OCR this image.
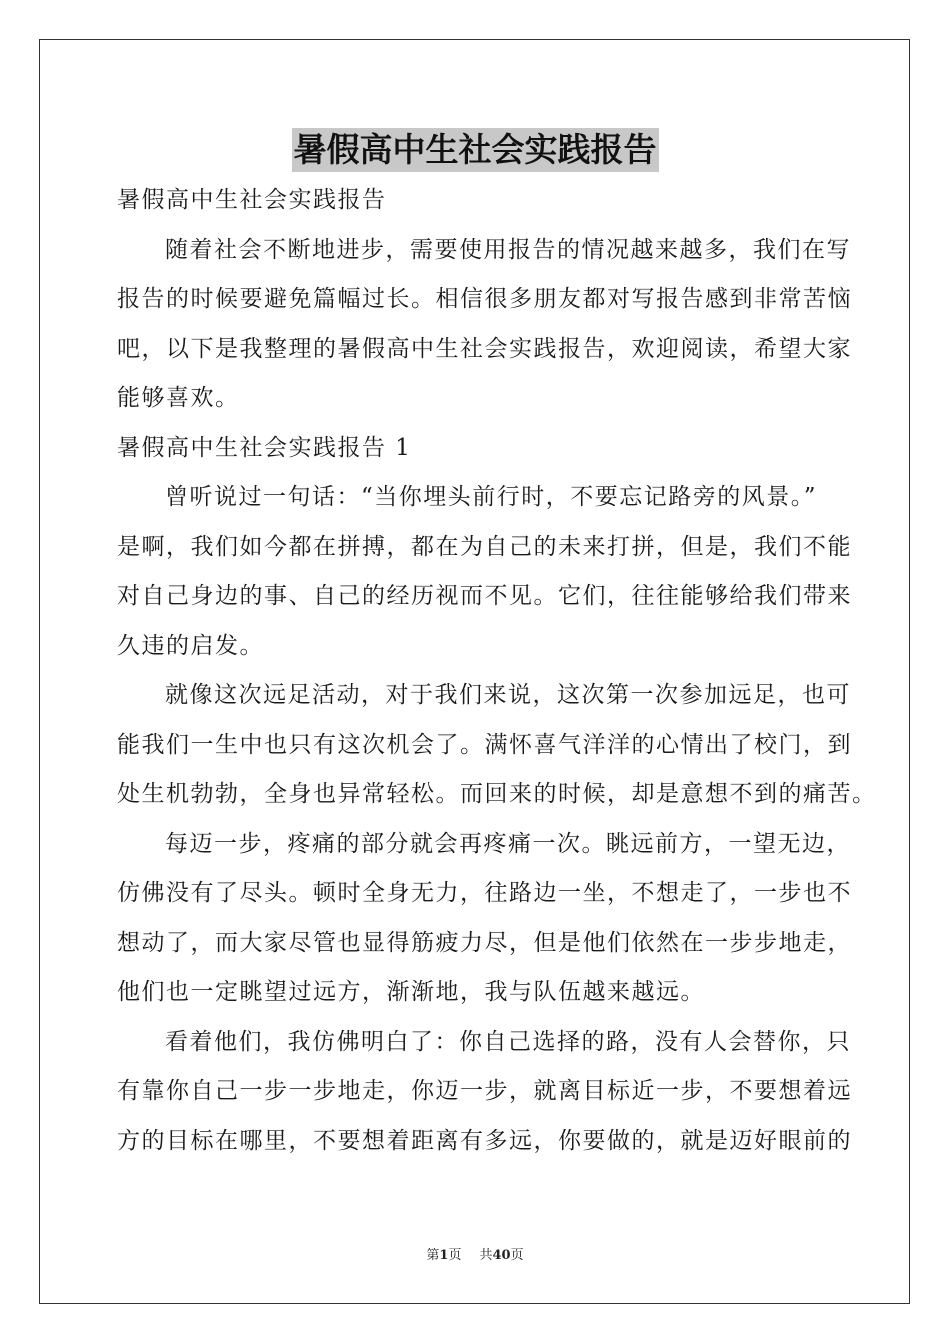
暑假高中生社会实践报告
暑假高中生社会实践报告
随着社会不断地进步，需要使用报告的情况越来越多，我们在写
报告的时候要避免篇幅过长。相信很多朋友都对写报告感到非常苦恼
吧，以下是我整理的暑假高中生社会实践报告，欢迎阅读，希望大家
能够喜欢。
暑假高中生社会实践报告 1
曾听说过一句话：“当你埋头前行时，不要忘记路旁的风景。”
是啊，我们如今都在拼搏，都在为自己的未来打拼，但是，我们不能
对自己身边的事、自己的经历视而不见。它们，往往能够给我们带来
久违的启发。
就像这次远足活动，对于我们来说，这次第一次参加远足，也可
能我们一生中也只有这次机会了。满怀喜气洋洋的心情出了校门，到
处生机勃勃，全身也异常轻松。而回来的时候，却是意想不到的痛苦。
每迈一步，疼痛的部分就会再疼痛一次。眺远前方，一望无边，
仿佛没有了尽头。顿时全身无力，往路边一坐，不想走了，一步也不
想动了，而大家尽管也显得筋疲力尽，但是他们依然在一步步地走，
他们也一定眺望过远方，渐渐地，我与队伍越来越远。
看着他们，我仿佛明白了：你自己选择的路，没有人会替你，只
有靠你自己一步一步地走，你迈一步，就离目标近一步，不要想着远
方的目标在哪里，不要想着距离有多远，你要做的，就是迈好眼前的
第1页 共40页
